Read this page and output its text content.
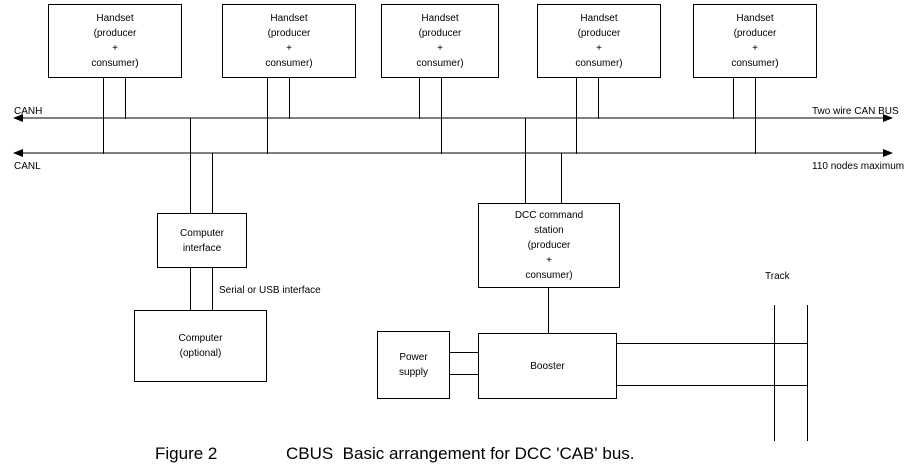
Handset
(producer
+
consumer)
Handset
(producer
+
consumer)
Handset
(producer
+
consumer)
Handset
(producer
+
consumer)
Handset
(producer
+
consumer)
CANH
CANL
Two wire CAN BUS
110 nodes maximum
Computer
interface
Serial or USB interface
Computer
(optional)
DCC command
station
(producer
+
consumer)
Power
supply
Booster
Track
Figure 2	CBUS  Basic arrangement for DCC 'CAB' bus.
